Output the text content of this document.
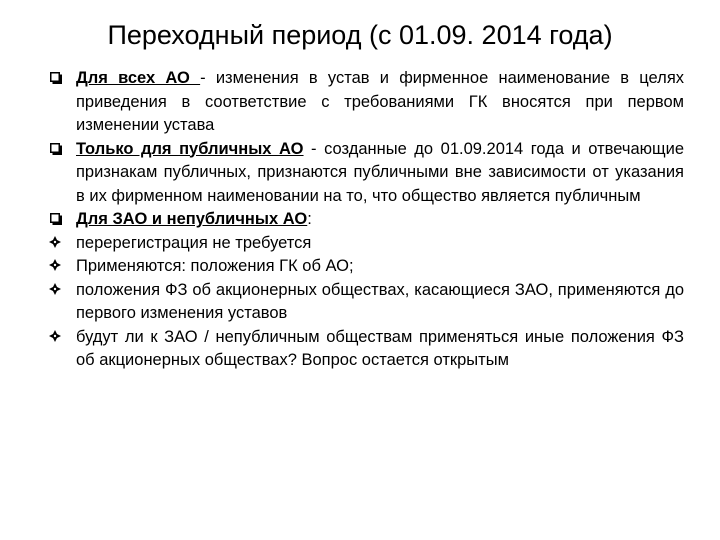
Переходный период (с 01.09. 2014 года)
Для всех АО - изменения в устав и фирменное наименование в целях приведения в соответствие с требованиями ГК вносятся при первом изменении устава
Только для публичных АО - созданные до 01.09.2014 года и отвечающие признакам публичных, признаются публичными вне зависимости от указания в их фирменном наименовании на то, что общество является публичным
Для ЗАО и непубличных АО:
перерегистрация не требуется
Применяются: положения ГК об АО;
положения ФЗ об акционерных обществах, касающиеся ЗАО, применяются до первого изменения уставов
будут ли к ЗАО / непубличным обществам применяться иные положения ФЗ об акционерных обществах? Вопрос остается открытым
